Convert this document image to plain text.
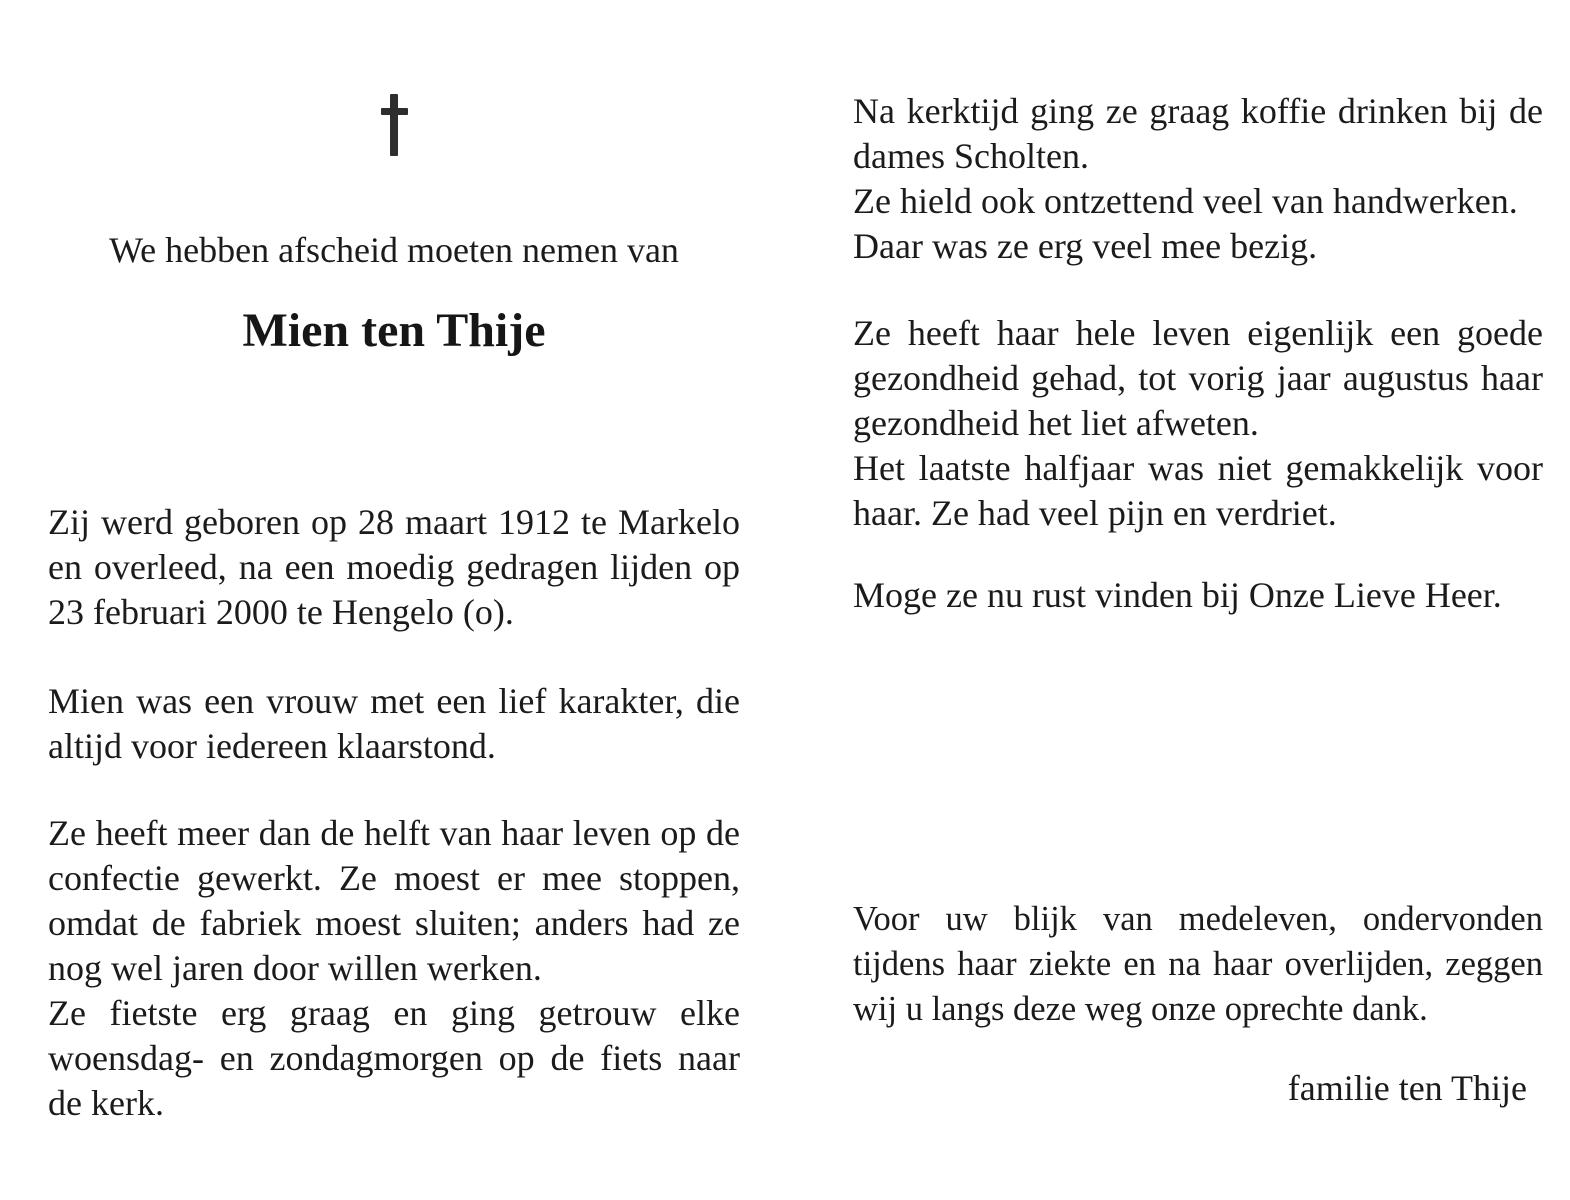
We hebben afscheid moeten nemen van

Mien ten Thije

Zij werd geboren op 28 maart 1912 te Markelo en overleed, na een moedig gedragen lijden op 23 februari 2000 te Hengelo (o).

Mien was een vrouw met een lief karakter, die altijd voor iedereen klaarstond.

Ze heeft meer dan de helft van haar leven op de confectie gewerkt. Ze moest er mee stoppen, omdat de fabriek moest sluiten; anders had ze nog wel jaren door willen werken.

Ze fietste erg graag en ging getrouw elke woensdag- en zondagmorgen op de fiets naar de kerk.

Na kerktijd ging ze graag koffie drinken bij de dames Scholten.

Ze hield ook ontzettend veel van handwerken.

Daar was ze erg veel mee bezig.

Ze heeft haar hele leven eigenlijk een goede gezondheid gehad, tot vorig jaar augustus haar gezondheid het liet afweten.

Het laatste halfjaar was niet gemakkelijk voor haar. Ze had veel pijn en verdriet.

Moge ze nu rust vinden bij Onze Lieve Heer.

Voor uw blijk van medeleven, ondervonden tijdens haar ziekte en na haar overlijden, zeggen wij u langs deze weg onze oprechte dank.

familie ten Thije
